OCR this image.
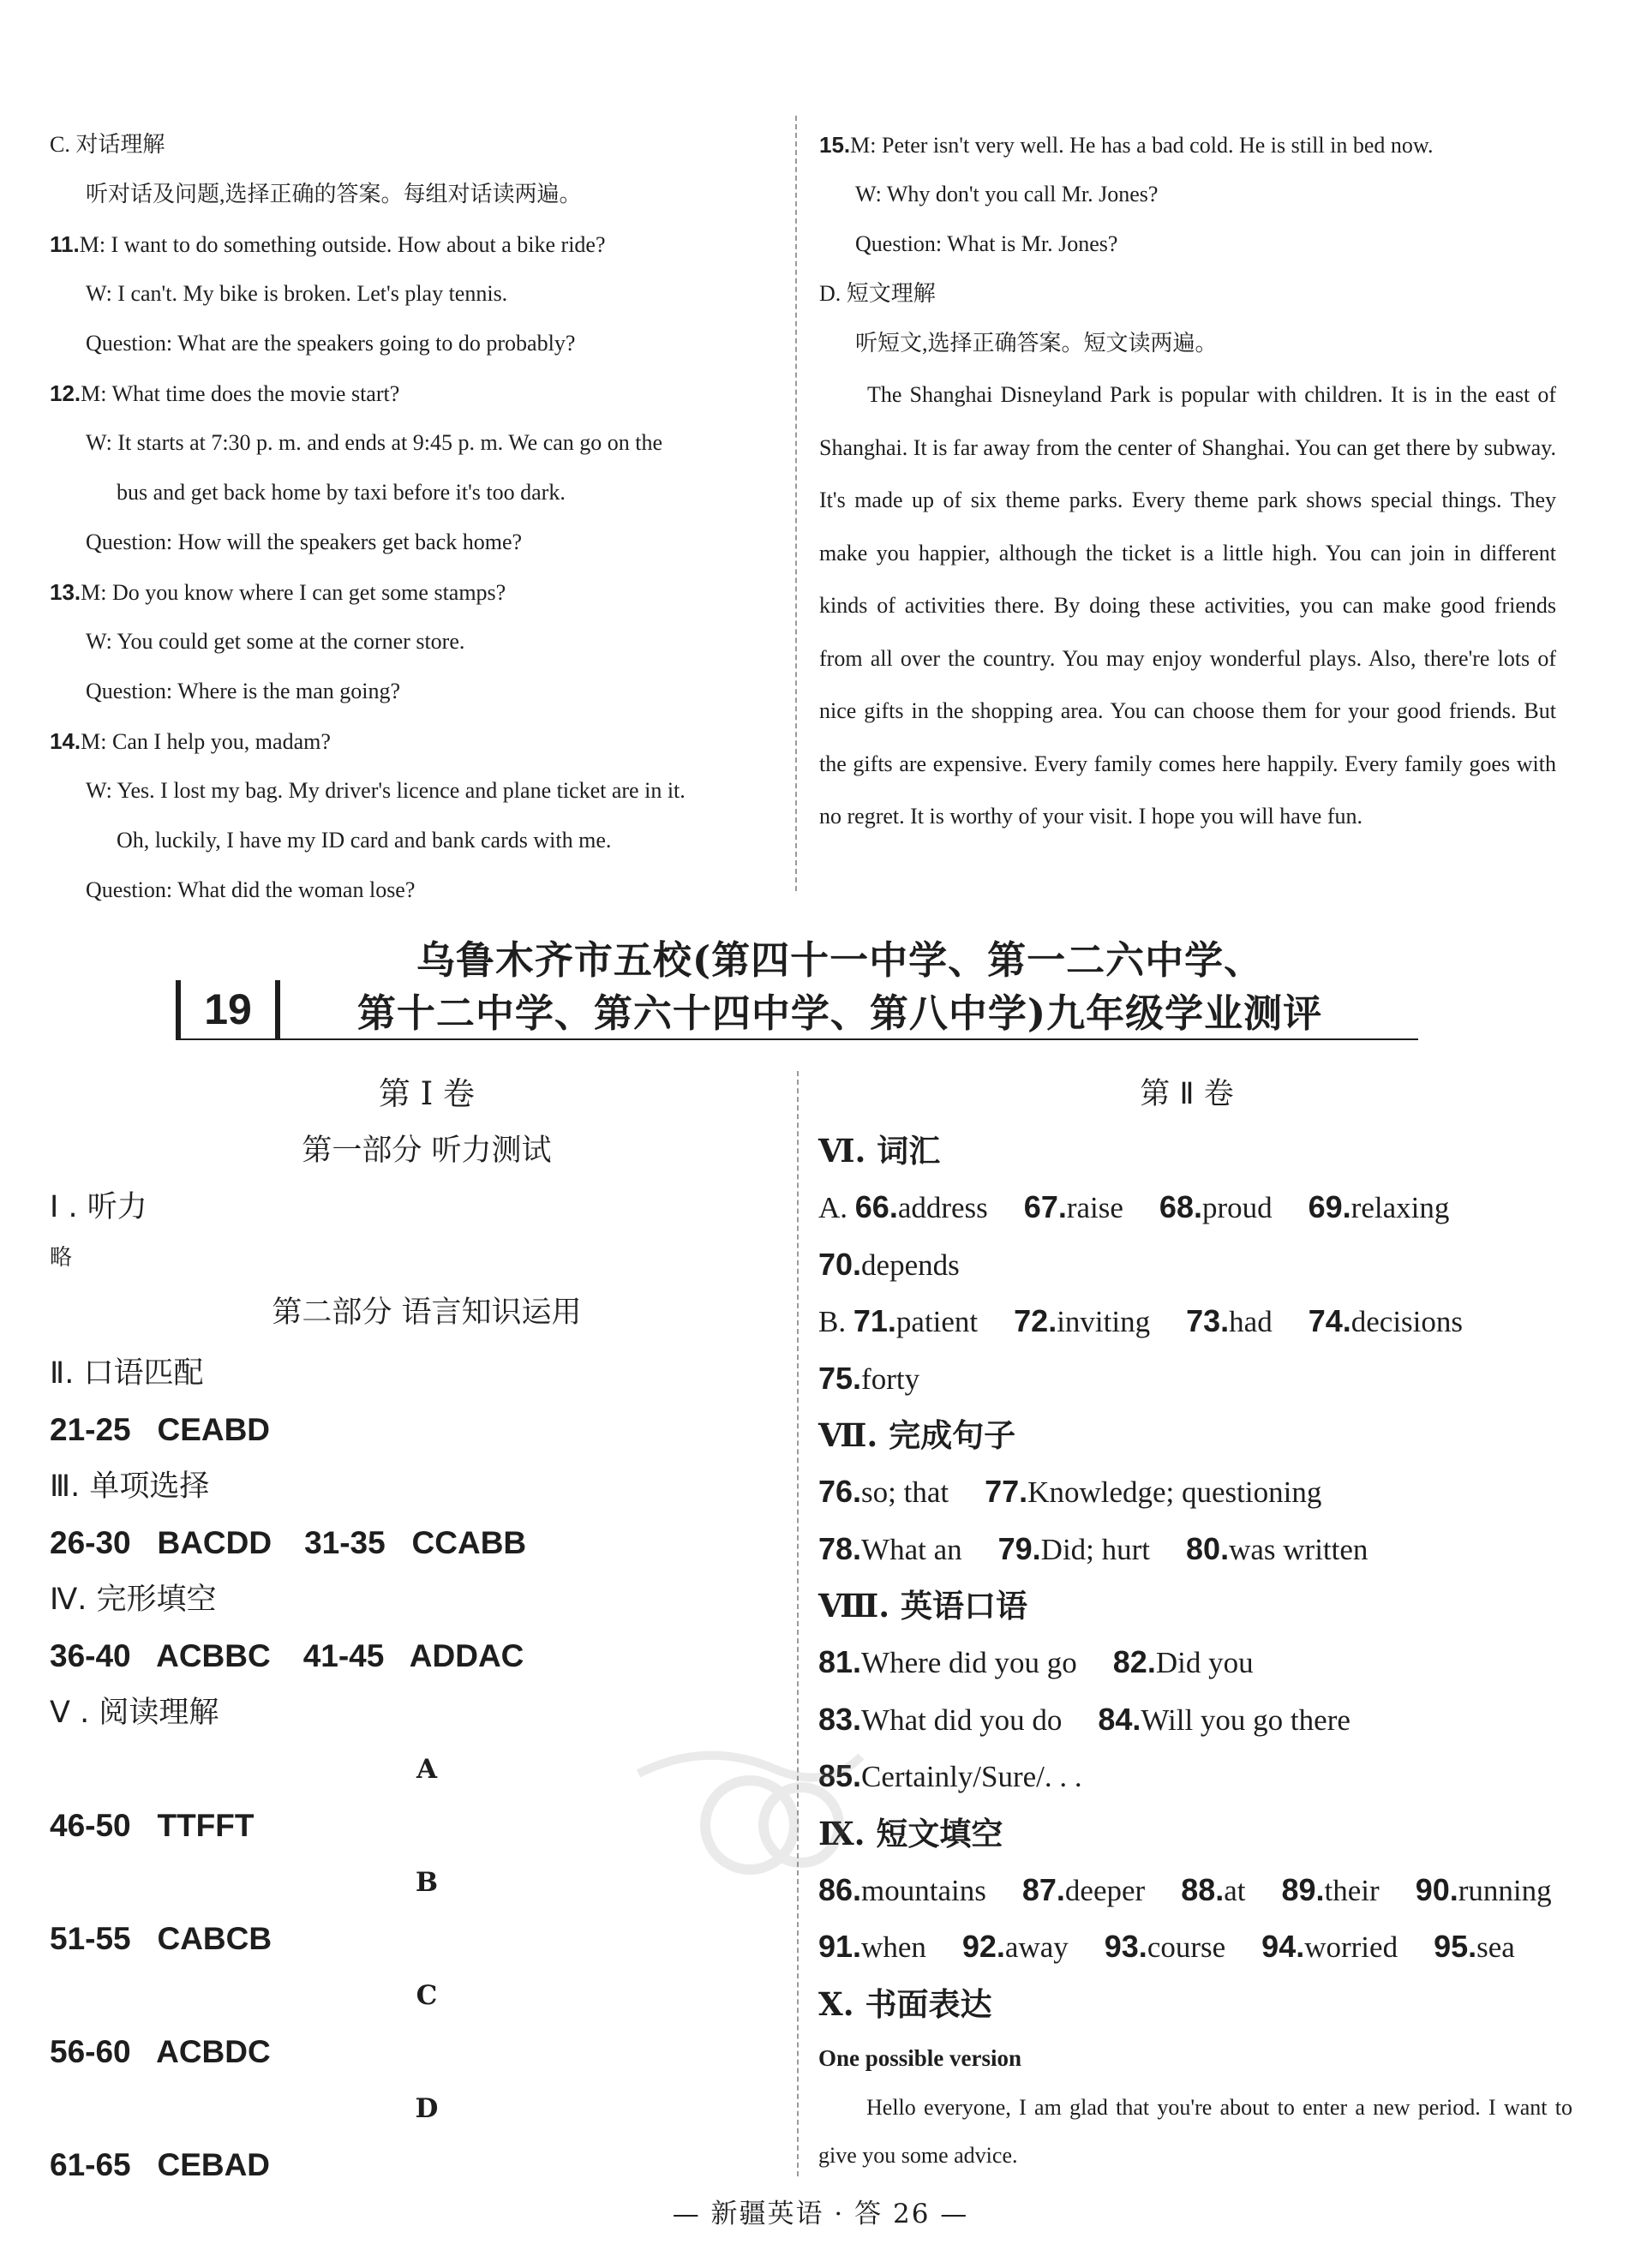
C. 对话理解
听对话及问题,选择正确的答案。每组对话读两遍。
11.M: I want to do something outside. How about a bike ride?
W: I can't. My bike is broken. Let's play tennis.
Question: What are the speakers going to do probably?
12.M: What time does the movie start?
W: It starts at 7:30 p. m. and ends at 9:45 p. m. We can go on the
bus and get back home by taxi before it's too dark.
Question: How will the speakers get back home?
13.M: Do you know where I can get some stamps?
W: You could get some at the corner store.
Question: Where is the man going?
14.M: Can I help you, madam?
W: Yes. I lost my bag. My driver's licence and plane ticket are in it.
Oh, luckily, I have my ID card and bank cards with me.
Question: What did the woman lose?
15.M: Peter isn't very well. He has a bad cold. He is still in bed now.
W: Why don't you call Mr. Jones?
Question: What is Mr. Jones?
D. 短文理解
听短文,选择正确答案。短文读两遍。

The Shanghai Disneyland Park is popular with children. It is in the east of Shanghai. It is far away from the center of Shanghai. You can get there by subway. It's made up of six theme parks. Every theme park shows special things. They make you happier, although the ticket is a little high. You can join in different kinds of activities there. By doing these activities, you can make good friends from all over the country. You may enjoy wonderful plays. Also, there're lots of nice gifts in the shopping area. You can choose them for your good friends. But the gifts are expensive. Every family comes here happily. Every family goes with no regret. It is worthy of your visit. I hope you will have fun.

19
乌鲁木齐市五校(第四十一中学、第一二六中学、
第十二中学、第六十四中学、第八中学)九年级学业测评
第 I 卷
第一部分 听力测试
I . 听力
略
第二部分 语言知识运用
Ⅱ. 口语匹配
21-25   CEABD
Ⅲ. 单项选择
26-30   BACDD 31-35   CCABB
Ⅳ. 完形填空
36-40   ACBBC 41-45   ADDAC
V . 阅读理解
A
46-50   TTFFT
B
51-55   CABCB
C
56-60   ACBDC
D
61-65   CEBAD
第 Ⅱ 卷
Ⅵ. 词汇
A. 66.address 67.raise 68.proud 69.relaxing
70.depends
B. 71.patient 72.inviting 73.had 74.decisions
75.forty
Ⅶ. 完成句子
76.so; that 77.Knowledge; questioning
78.What an 79.Did; hurt 80.was written
Ⅷ. 英语口语
81.Where did you go 82.Did you
83.What did you do 84.Will you go there
85.Certainly/Sure/. . .
Ⅸ. 短文填空
86.mountains 87.deeper 88.at 89.their 90.running
91.when 92.away 93.course 94.worried 95.sea
X. 书面表达
One possible version

Hello everyone, I am glad that you're about to enter a new period. I want to give you some advice.

— 新疆英语 · 答 26 —
